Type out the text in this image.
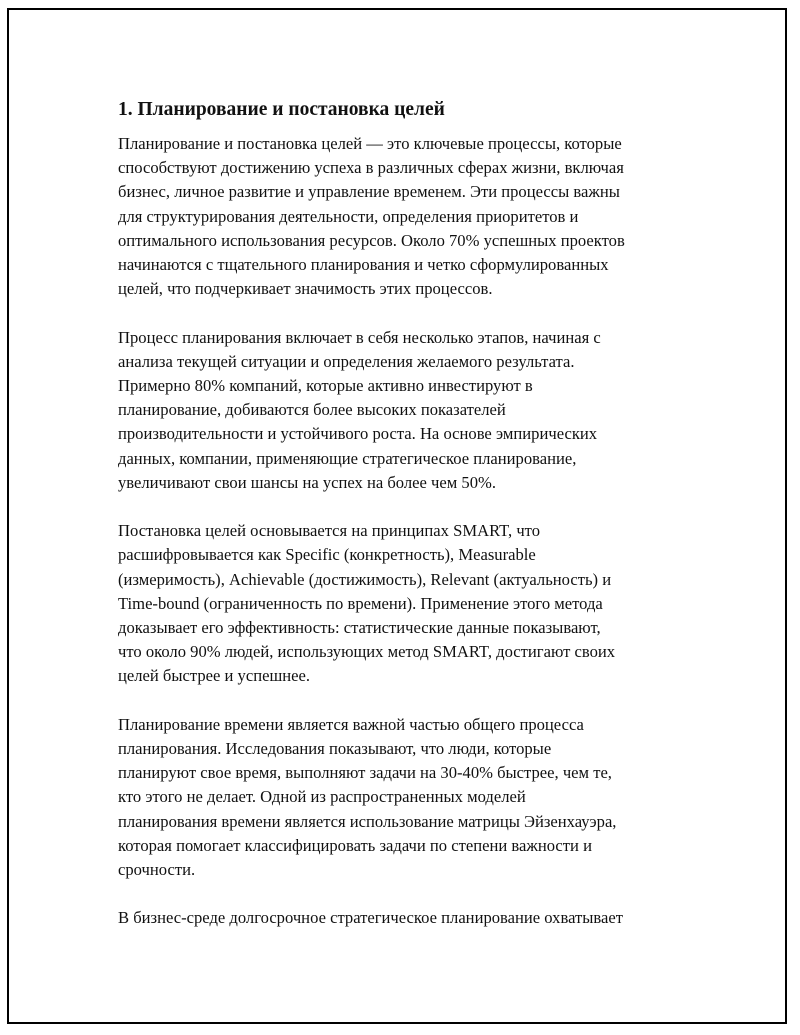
1. Планирование и постановка целей

Планирование и постановка целей — это ключевые процессы, которые
способствуют достижению успеха в различных сферах жизни, включая
бизнес, личное развитие и управление временем. Эти процессы важны
для структурирования деятельности, определения приоритетов и
оптимального использования ресурсов. Около 70% успешных проектов
начинаются с тщательного планирования и четко сформулированных
целей, что подчеркивает значимость этих процессов.

Процесс планирования включает в себя несколько этапов, начиная с
анализа текущей ситуации и определения желаемого результата.
Примерно 80% компаний, которые активно инвестируют в
планирование, добиваются более высоких показателей
производительности и устойчивого роста. На основе эмпирических
данных, компании, применяющие стратегическое планирование,
увеличивают свои шансы на успех на более чем 50%.

Постановка целей основывается на принципах SMART, что
расшифровывается как Specific (конкретность), Measurable
(измеримость), Achievable (достижимость), Relevant (актуальность) и
Time-bound (ограниченность по времени). Применение этого метода
доказывает его эффективность: статистические данные показывают,
что около 90% людей, использующих метод SMART, достигают своих
целей быстрее и успешнее.

Планирование времени является важной частью общего процесса
планирования. Исследования показывают, что люди, которые
планируют свое время, выполняют задачи на 30-40% быстрее, чем те,
кто этого не делает. Одной из распространенных моделей
планирования времени является использование матрицы Эйзенхауэра,
которая помогает классифицировать задачи по степени важности и
срочности.

В бизнес-среде долгосрочное стратегическое планирование охватывает
